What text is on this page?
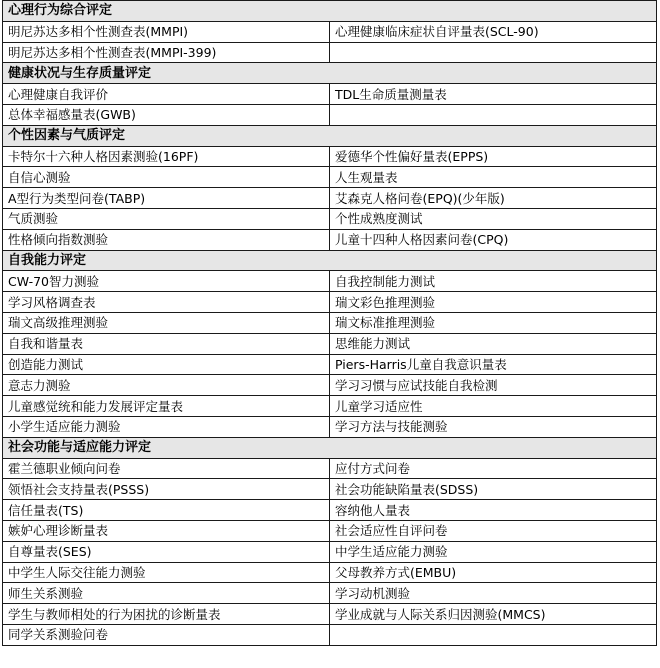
心理行为综合评定	
明尼苏达多相个性测查表(MMPI)	心理健康临床症状自评量表(SCL-90)
明尼苏达多相个性测查表(MMPI-399)	
健康状况与生存质量评定	
心理健康自我评价	TDL生命质量测量表
总体幸福感量表(GWB)	
个性因素与气质评定	
卡特尔十六种人格因素测验(16PF)	爱德华个性偏好量表(EPPS)
自信心测验	人生观量表
A型行为类型问卷(TABP)	艾森克人格问卷(EPQ)(少年版)
气质测验	个性成熟度测试
性格倾向指数测验	儿童十四种人格因素问卷(CPQ)
自我能力评定	
CW-70智力测验	自我控制能力测试
学习风格调查表	瑞文彩色推理测验
瑞文高级推理测验	瑞文标准推理测验
自我和谐量表	思维能力测试
创造能力测试	Piers-Harris儿童自我意识量表
意志力测验	学习习惯与应试技能自我检测
儿童感觉统和能力发展评定量表	儿童学习适应性
小学生适应能力测验	学习方法与技能测验
社会功能与适应能力评定	
霍兰德职业倾向问卷	应付方式问卷
领悟社会支持量表(PSSS)	社会功能缺陷量表(SDSS)
信任量表(TS)	容纳他人量表
嫉妒心理诊断量表	社会适应性自评问卷
自尊量表(SES)	中学生适应能力测验
中学生人际交往能力测验	父母教养方式(EMBU)
师生关系测验	学习动机测验
学生与教师相处的行为困扰的诊断量表	学业成就与人际关系归因测验(MMCS)
同学关系测验问卷	
